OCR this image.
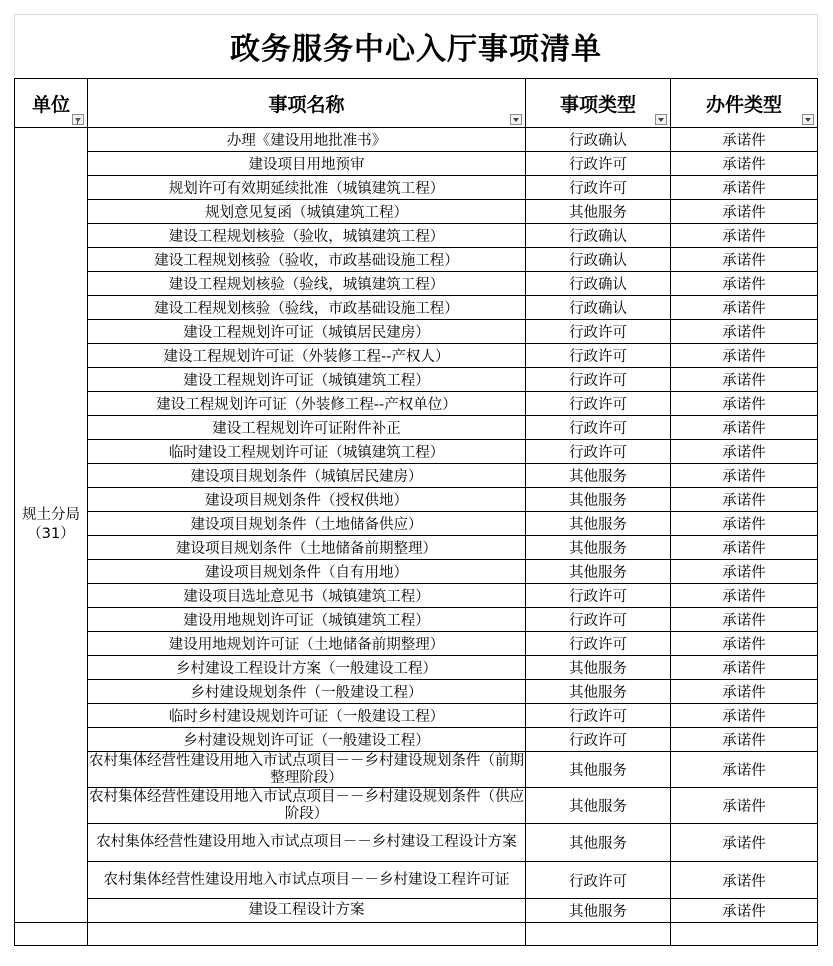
政务服务中心入厅事项清单
单位	事项名称	事项类型	办件类型

规土分局
（31）	办理《建设用地批准书》	行政确认	承诺件
	建设项目用地预审	行政许可	承诺件
	规划许可有效期延续批准（城镇建筑工程）	行政许可	承诺件
	规划意见复函（城镇建筑工程）	其他服务	承诺件
	建设工程规划核验（验收，城镇建筑工程）	行政确认	承诺件
	建设工程规划核验（验收，市政基础设施工程）	行政确认	承诺件
	建设工程规划核验（验线，城镇建筑工程）	行政确认	承诺件
	建设工程规划核验（验线，市政基础设施工程）	行政确认	承诺件
	建设工程规划许可证（城镇居民建房）	行政许可	承诺件
	建设工程规划许可证（外装修工程--产权人）	行政许可	承诺件
	建设工程规划许可证（城镇建筑工程）	行政许可	承诺件
	建设工程规划许可证（外装修工程--产权单位）	行政许可	承诺件
	建设工程规划许可证附件补正	行政许可	承诺件
	临时建设工程规划许可证（城镇建筑工程）	行政许可	承诺件
	建设项目规划条件（城镇居民建房）	其他服务	承诺件
	建设项目规划条件（授权供地）	其他服务	承诺件
	建设项目规划条件（土地储备供应）	其他服务	承诺件
	建设项目规划条件（土地储备前期整理）	其他服务	承诺件
	建设项目规划条件（自有用地）	其他服务	承诺件
	建设项目选址意见书（城镇建筑工程）	行政许可	承诺件
	建设用地规划许可证（城镇建筑工程）	行政许可	承诺件
	建设用地规划许可证（土地储备前期整理）	行政许可	承诺件
	乡村建设工程设计方案（一般建设工程）	其他服务	承诺件
	乡村建设规划条件（一般建设工程）	其他服务	承诺件
	临时乡村建设规划许可证（一般建设工程）	行政许可	承诺件
	乡村建设规划许可证（一般建设工程）	行政许可	承诺件
	农村集体经营性建设用地入市试点项目－－乡村建设规划条件（前期整理阶段）	其他服务	承诺件
	农村集体经营性建设用地入市试点项目－－乡村建设规划条件（供应阶段）	其他服务	承诺件
	农村集体经营性建设用地入市试点项目－－乡村建设工程设计方案	其他服务	承诺件
	农村集体经营性建设用地入市试点项目－－乡村建设工程许可证	行政许可	承诺件
	建设工程设计方案	其他服务	承诺件
